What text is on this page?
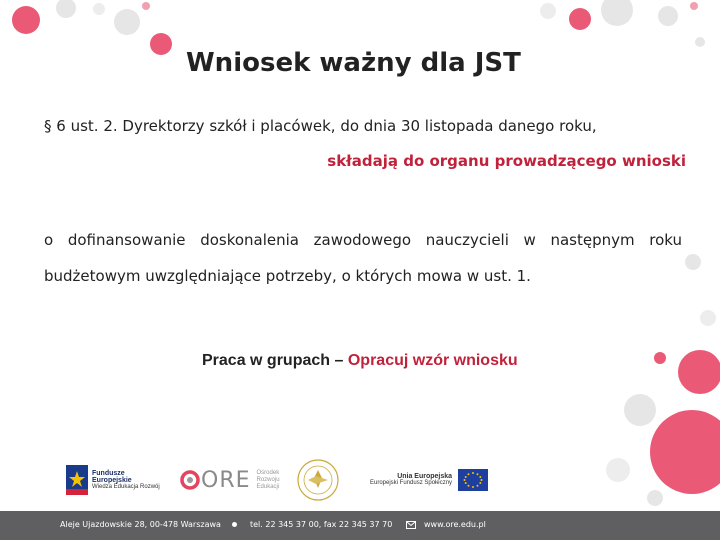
Wniosek ważny dla JST
§ 6 ust. 2. Dyrektorzy szkół i placówek, do dnia 30 listopada danego roku,
składają do organu prowadzącego wnioski
o dofinansowanie doskonalenia zawodowego nauczycieli w następnym roku budżetowym uwzględniające potrzeby, o których mowa w ust. 1.
Praca w grupach – Opracuj wzór wniosku
Fundusze
Europejskie
Wiedza Edukacja Rozwój ORE Ośrodek
Rozwoju
Edukacji
Unia Europejska
Europejski Fundusz Społeczny
Aleje Ujazdowskie 28, 00-478 Warszawa	tel. 22 345 37 00, fax 22 345 37 70	www.ore.edu.pl
